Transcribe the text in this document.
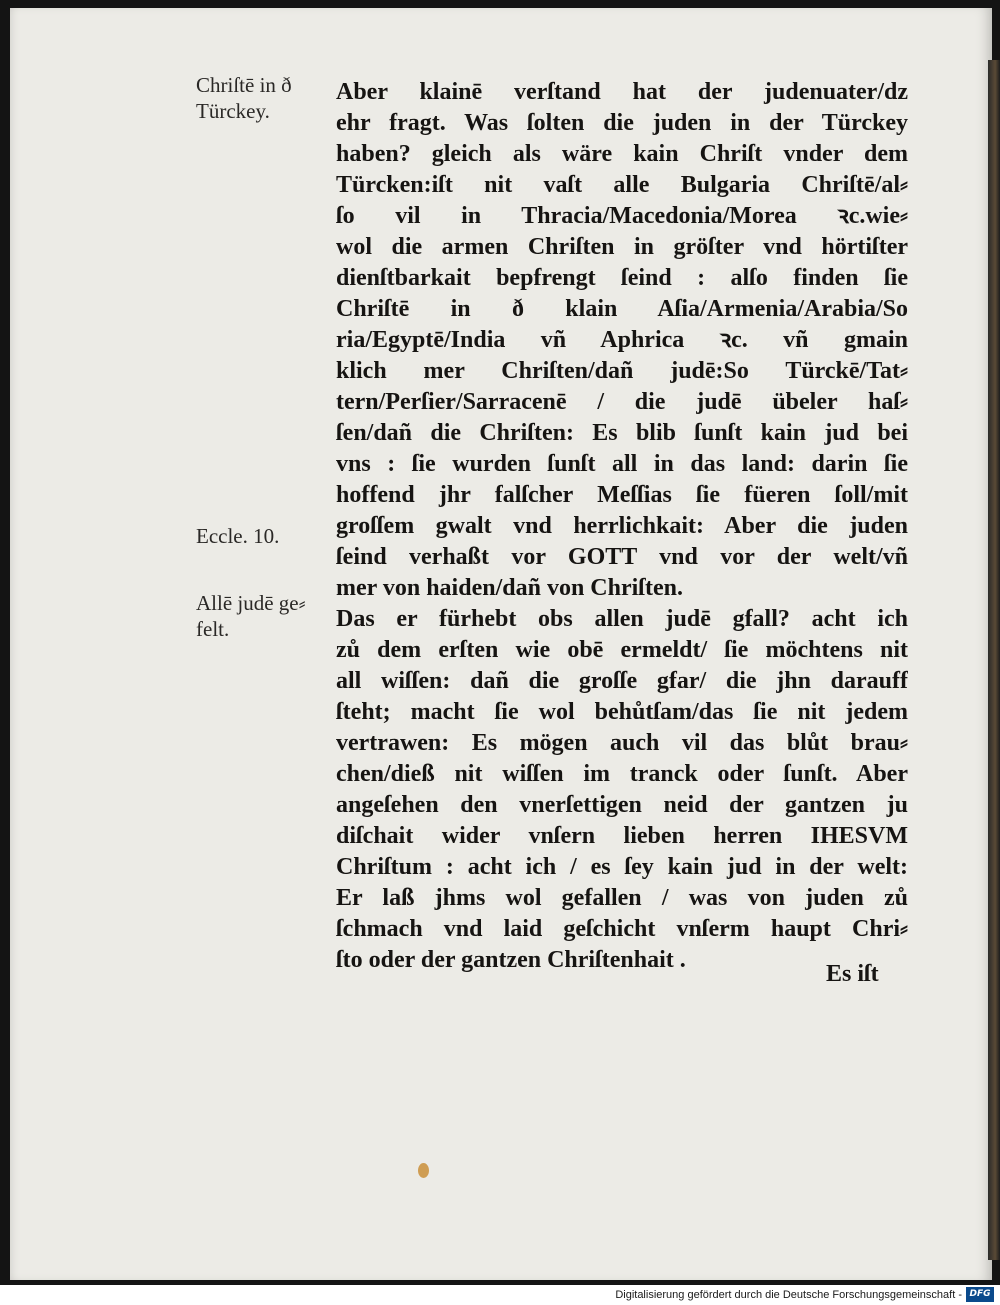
Chriſtē in ð
Türckey.
Eccle. 10.
Allē judē ge⸗
felt.
Aber klainē verſtand hat der judenuater/dz
ehr fragt. Was ſolten die juden in der Türckey
haben? gleich als wäre kain Chriſt vnder dem
Türcken:iſt nit vaſt alle Bulgaria Chriſtē/al⸗
ſo vil in Thracia/Macedonia/Morea ꝛc.wie⸗
wol die armen Chriſten in gröſter vnd hörtiſter
dienſtbarkait bepfrengt ſeind : alſo finden ſie
Chriſtē in ð klain Aſia/Armenia/Arabia/So
ria/Egyptē/India vñ Aphrica ꝛc. vñ gmain
klich mer Chriſten/dañ judē:So Türckē/Tat⸗
tern/Perſier/Sarracenē / die judē übeler haſ⸗
ſen/dañ die Chriſten: Es blib ſunſt kain jud bei
vns : ſie wurden ſunſt all in das land: darin ſie
hoffend jhr falſcher Meſſias ſie füeren ſoll/mit
groſſem gwalt vnd herrlichkait: Aber die juden
ſeind verhaßt vor GOTT vnd vor der welt/vñ
mer von haiden/dañ von Chriſten.
Das er fürhebt obs allen judē gfall? acht ich
zů dem erſten wie obē ermeldt/ ſie möchtens nit
all wiſſen: dañ die groſſe gfar/ die jhn darauff
ſteht; macht ſie wol behůtſam/das ſie nit jedem
vertrawen: Es mögen auch vil das blůt brau⸗
chen/dieß nit wiſſen im tranck oder ſunſt. Aber
angeſehen den vnerſettigen neid der gantzen ju
diſchait wider vnſern lieben herren IHESVM
Chriſtum : acht ich / es ſey kain jud in der welt:
Er laß jhms wol gefallen / was von juden zů
ſchmach vnd laid geſchicht vnſerm haupt Chri⸗
ſto oder der gantzen Chriſtenhait .
Es iſt
Digitalisierung gefördert durch die Deutsche Forschungsgemeinschaft - DFG
